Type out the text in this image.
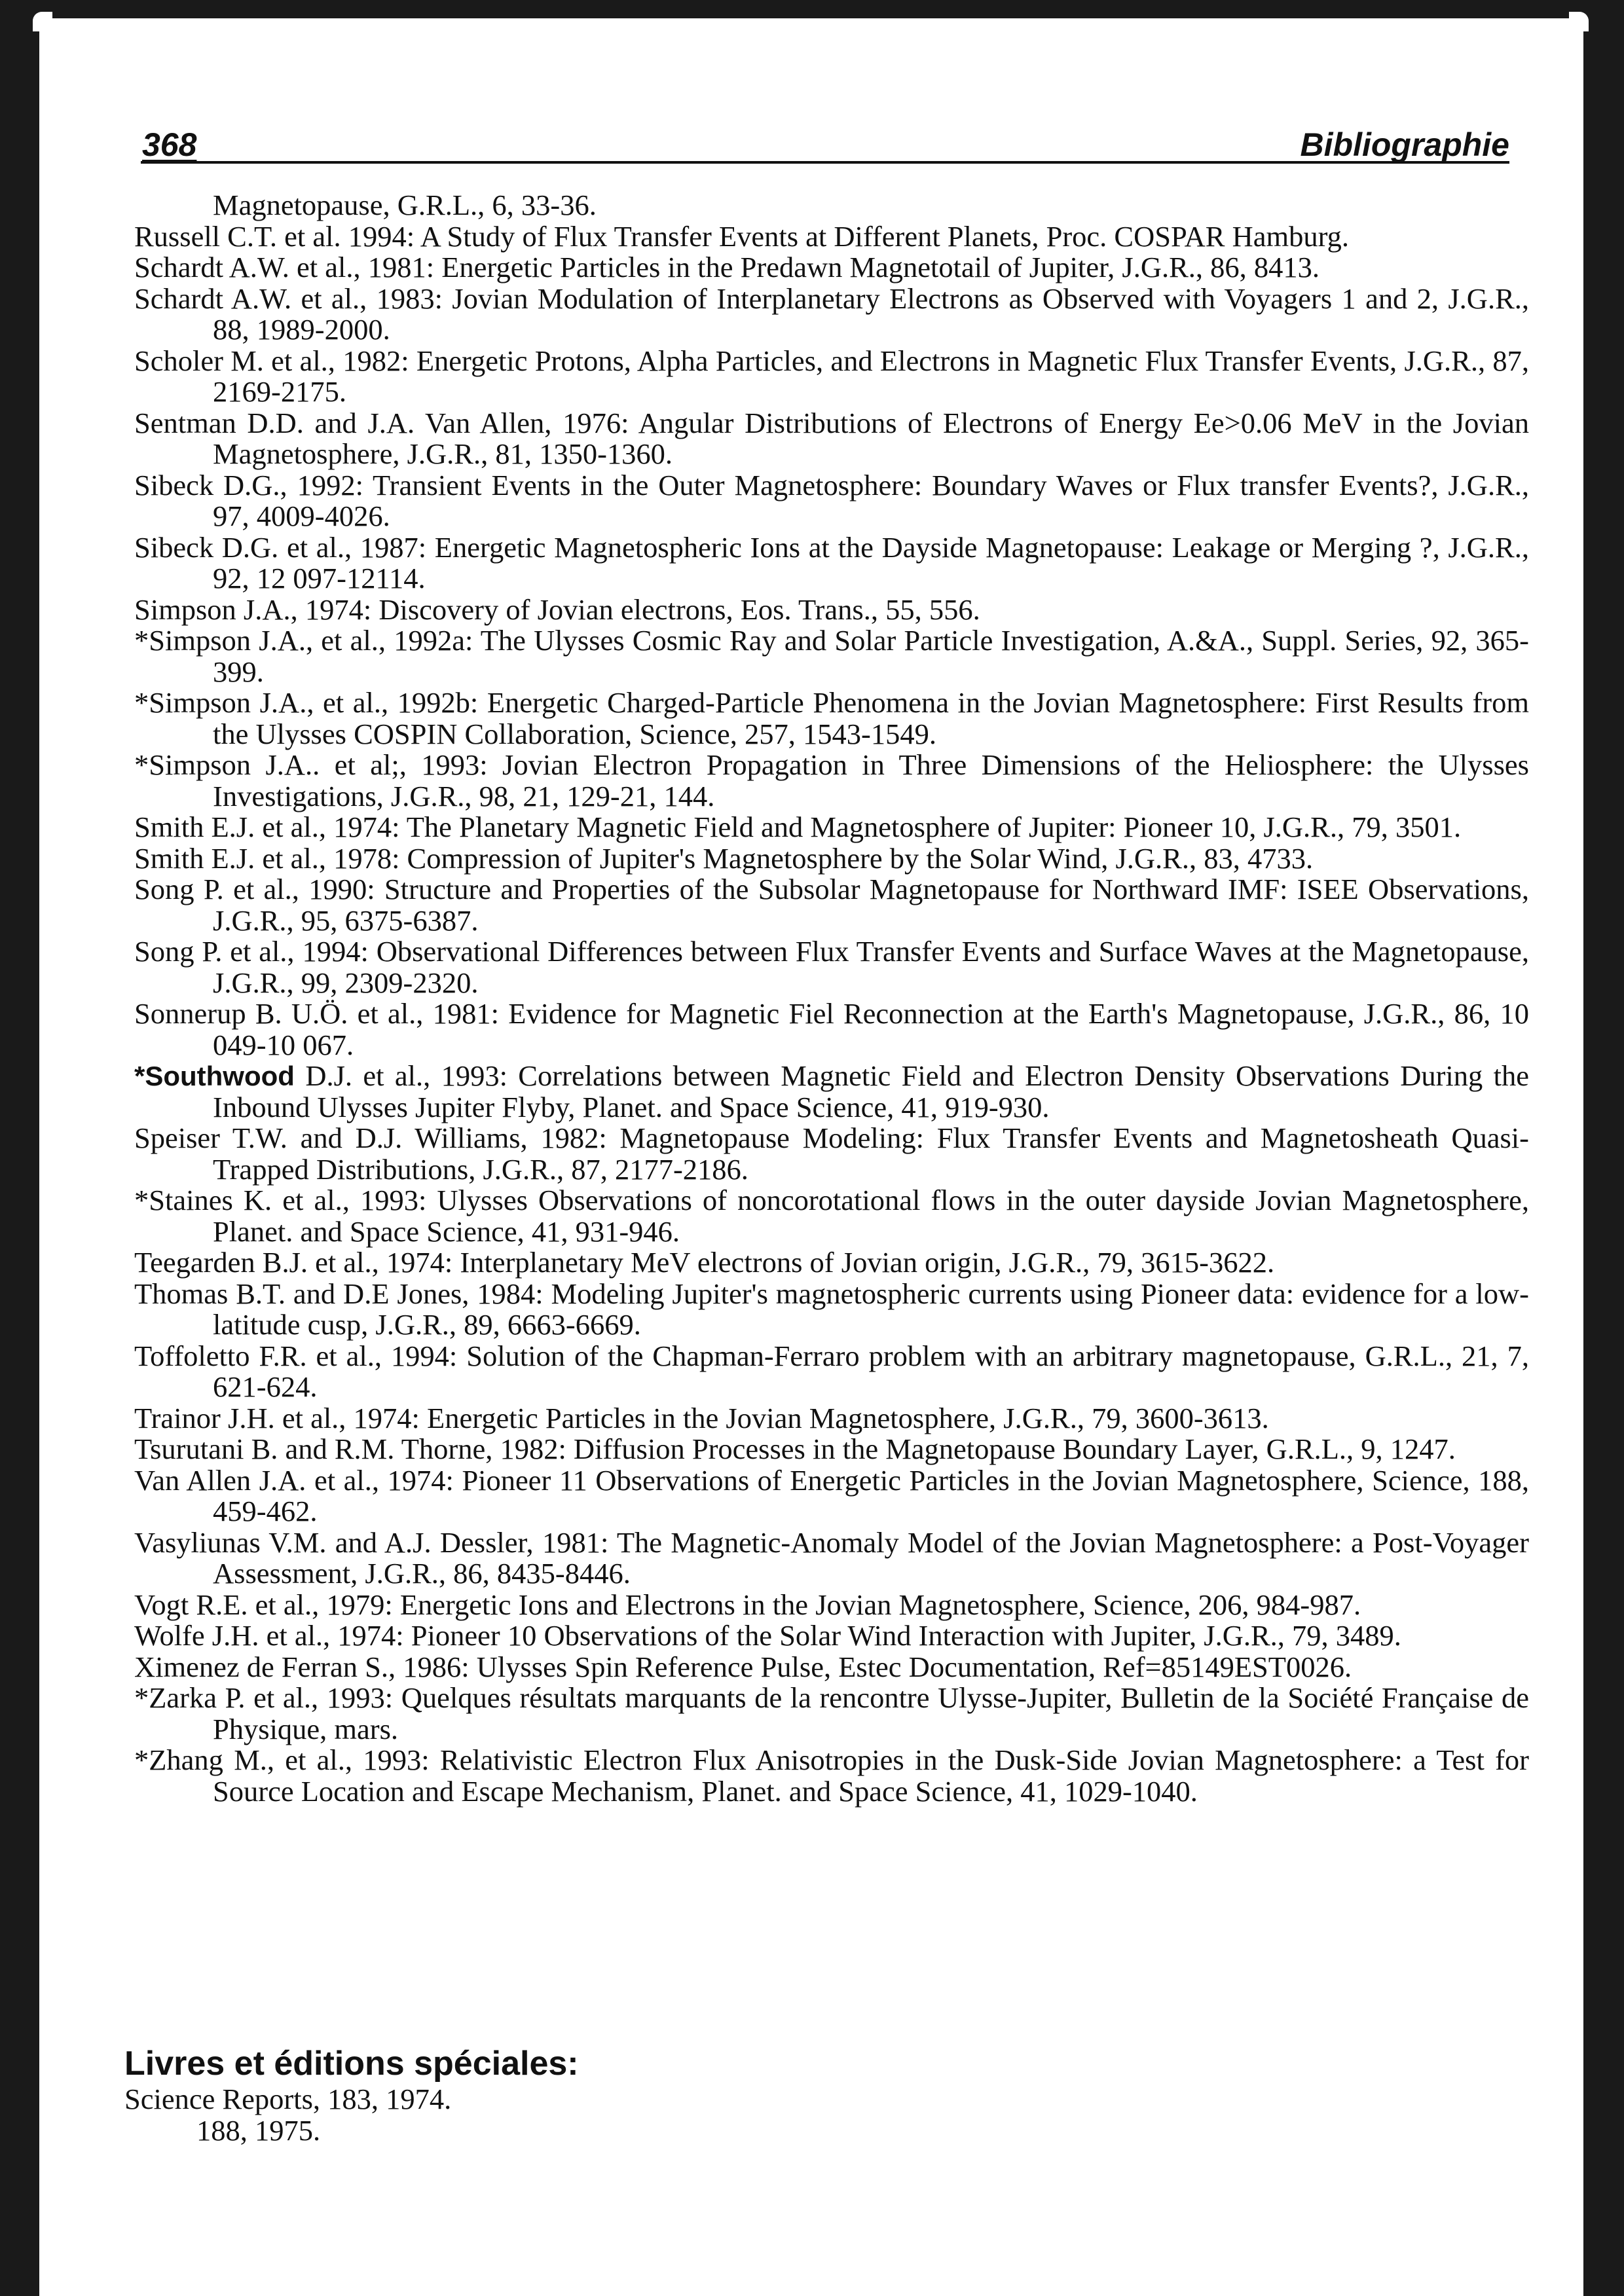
368	Bibliographie
Magnetopause, G.R.L., 6, 33-36.
Russell C.T. et al. 1994: A Study of Flux Transfer Events at Different Planets, Proc. COSPAR Hamburg.
Schardt A.W. et al., 1981: Energetic Particles in the Predawn Magnetotail of Jupiter, J.G.R., 86, 8413.
Schardt A.W. et al., 1983: Jovian Modulation of Interplanetary Electrons as Observed with Voyagers 1 and 2, J.G.R., 88, 1989-2000.
Scholer M. et al., 1982: Energetic Protons, Alpha Particles, and Electrons in Magnetic Flux Transfer Events, J.G.R., 87, 2169-2175.
Sentman D.D. and J.A. Van Allen, 1976: Angular Distributions of Electrons of Energy Ee>0.06 MeV in the Jovian Magnetosphere, J.G.R., 81, 1350-1360.
Sibeck D.G., 1992: Transient Events in the Outer Magnetosphere: Boundary Waves or Flux transfer Events?, J.G.R., 97, 4009-4026.
Sibeck D.G. et al., 1987: Energetic Magnetospheric Ions at the Dayside Magnetopause: Leakage or Merging ?, J.G.R., 92, 12 097-12114.
Simpson J.A., 1974: Discovery of Jovian electrons, Eos. Trans., 55, 556.
*Simpson J.A., et al., 1992a: The Ulysses Cosmic Ray and Solar Particle Investigation, A.&A., Suppl. Series, 92, 365-399.
*Simpson J.A., et al., 1992b: Energetic Charged-Particle Phenomena in the Jovian Magnetosphere: First Results from the Ulysses COSPIN Collaboration, Science, 257, 1543-1549.
*Simpson J.A.. et al;, 1993: Jovian Electron Propagation in Three Dimensions of the Heliosphere: the Ulysses Investigations, J.G.R., 98, 21, 129-21, 144.
Smith E.J. et al., 1974: The Planetary Magnetic Field and Magnetosphere of Jupiter: Pioneer 10, J.G.R., 79, 3501.
Smith E.J. et al., 1978: Compression of Jupiter's Magnetosphere by the Solar Wind, J.G.R., 83, 4733.
Song P. et al., 1990: Structure and Properties of the Subsolar Magnetopause for Northward IMF: ISEE Observations, J.G.R., 95, 6375-6387.
Song P. et al., 1994: Observational Differences between Flux Transfer Events and Surface Waves at the Magnetopause, J.G.R., 99, 2309-2320.
Sonnerup B. U.Ö. et al., 1981: Evidence for Magnetic Fiel Reconnection at the Earth's Magnetopause, J.G.R., 86, 10 049-10 067.
*Southwood D.J. et al., 1993: Correlations between Magnetic Field and Electron Density Observations During the Inbound Ulysses Jupiter Flyby, Planet. and Space Science, 41, 919-930.
Speiser T.W. and D.J. Williams, 1982: Magnetopause Modeling: Flux Transfer Events and Magnetosheath Quasi-Trapped Distributions, J.G.R., 87, 2177-2186.
*Staines K. et al., 1993: Ulysses Observations of noncorotational flows in the outer dayside Jovian Magnetosphere, Planet. and Space Science, 41, 931-946.
Teegarden B.J. et al., 1974: Interplanetary MeV electrons of Jovian origin, J.G.R., 79, 3615-3622.
Thomas B.T. and D.E Jones, 1984: Modeling Jupiter's magnetospheric currents using Pioneer data: evidence for a low-latitude cusp, J.G.R., 89, 6663-6669.
Toffoletto F.R. et al., 1994: Solution of the Chapman-Ferraro problem with an arbitrary magnetopause, G.R.L., 21, 7, 621-624.
Trainor J.H. et al., 1974: Energetic Particles in the Jovian Magnetosphere, J.G.R., 79, 3600-3613.
Tsurutani B. and R.M. Thorne, 1982: Diffusion Processes in the Magnetopause Boundary Layer, G.R.L., 9, 1247.
Van Allen J.A. et al., 1974: Pioneer 11 Observations of Energetic Particles in the Jovian Magnetosphere, Science, 188, 459-462.
Vasyliunas V.M. and A.J. Dessler, 1981: The Magnetic-Anomaly Model of the Jovian Magnetosphere: a Post-Voyager Assessment, J.G.R., 86, 8435-8446.
Vogt R.E. et al., 1979: Energetic Ions and Electrons in the Jovian Magnetosphere, Science, 206, 984-987.
Wolfe J.H. et al., 1974: Pioneer 10 Observations of the Solar Wind Interaction with Jupiter, J.G.R., 79, 3489.
Ximenez de Ferran S., 1986: Ulysses Spin Reference Pulse, Estec Documentation, Ref=85149EST0026.
*Zarka P. et al., 1993: Quelques résultats marquants de la rencontre Ulysse-Jupiter, Bulletin de la Société Française de Physique, mars.
*Zhang M., et al., 1993: Relativistic Electron Flux Anisotropies in the Dusk-Side Jovian Magnetosphere: a Test for Source Location and Escape Mechanism, Planet. and Space Science, 41, 1029-1040.
Livres et éditions spéciales:
Science Reports, 183, 1974.
188, 1975.
